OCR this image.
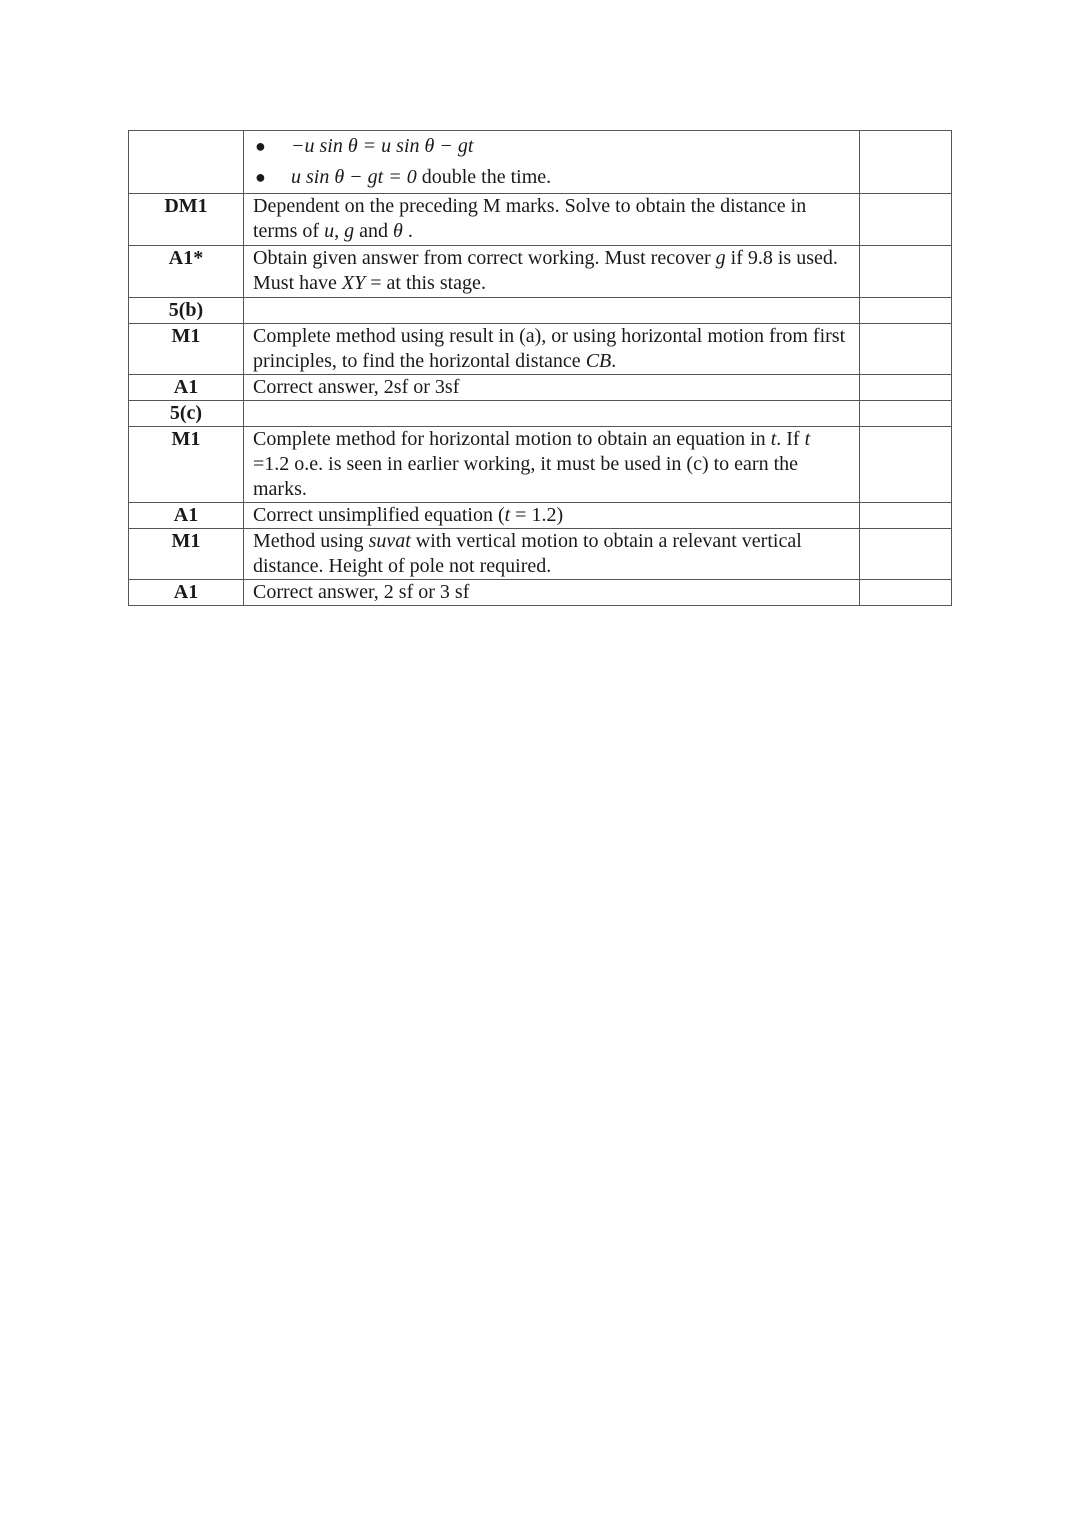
	● −u sin θ = u sin θ − gt
● u sin θ − gt = 0 double the time.	

DM1	Dependent on the preceding M marks. Solve to obtain the distance in terms of u, g and θ .	

A1*	Obtain given answer from correct working. Must recover g if 9.8 is used. Must have XY = at this stage.	

5(b)		

M1	Complete method using result in (a), or using horizontal motion from first principles, to find the horizontal distance CB.	

A1	Correct answer, 2sf or 3sf	

5(c)		

M1	Complete method for horizontal motion to obtain an equation in t. If t =1.2 o.e. is seen in earlier working, it must be used in (c) to earn the marks.	

A1	Correct unsimplified equation (t = 1.2)	

M1	Method using suvat with vertical motion to obtain a relevant vertical distance. Height of pole not required.	

A1	Correct answer, 2 sf or 3 sf	
